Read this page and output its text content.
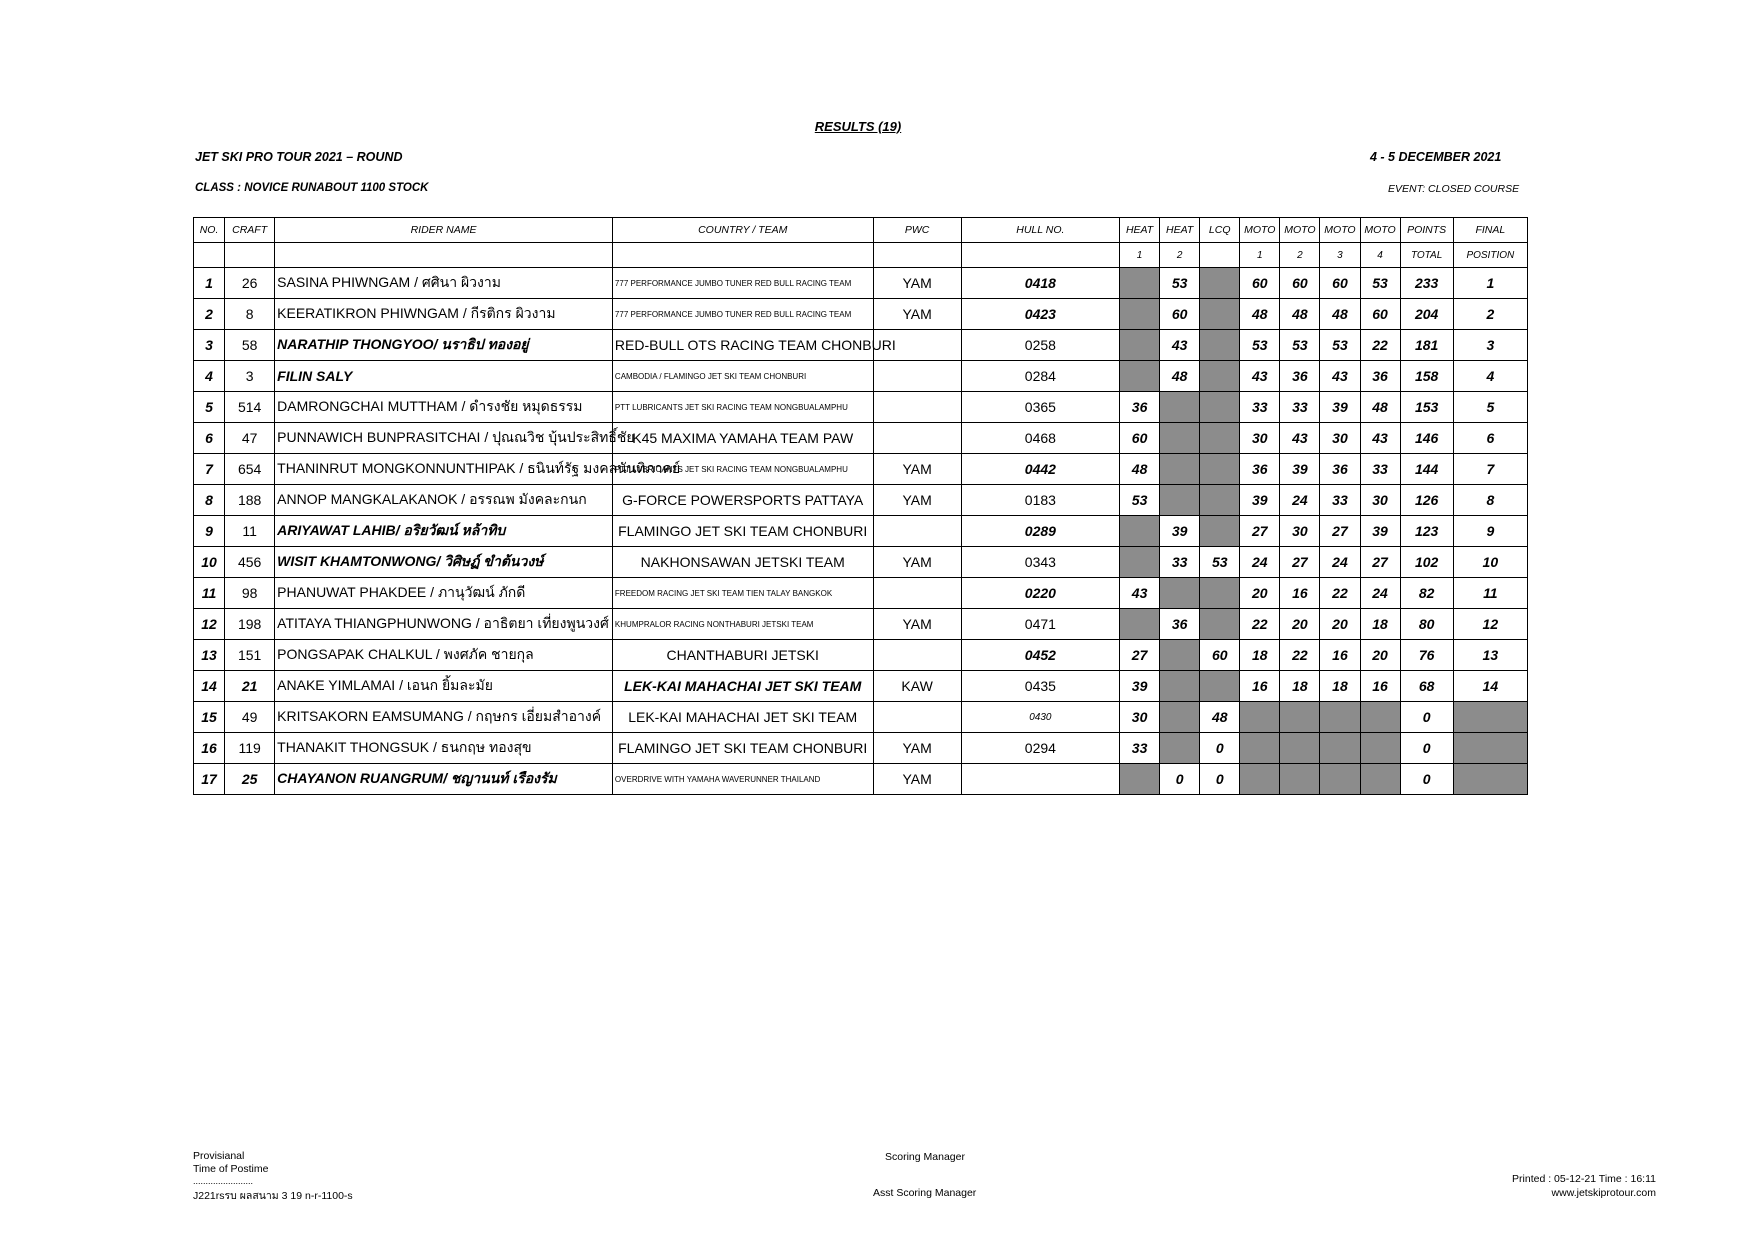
RESULTS (19)
JET SKI PRO TOUR 2021 – ROUND	4 - 5 DECEMBER 2021
CLASS : NOVICE RUNABOUT 1100 STOCK	EVENT: CLOSED COURSE
NO.	CRAFT	RIDER NAME	COUNTRY / TEAM	PWC	HULL NO.	HEAT	HEAT	LCQ	MOTO	MOTO	MOTO	MOTO	POINTS	FINAL
						1	2		1	2	3	4	TOTAL	POSITION
1	26	SASINA PHIWNGAM / ศศินา ผิวงาม	777 PERFORMANCE JUMBO TUNER RED BULL RACING TEAM	YAM	0418		53		60	60	60	53	233	1
2	8	KEERATIKRON PHIWNGAM / กีรติกร ผิวงาม	777 PERFORMANCE JUMBO TUNER RED BULL RACING TEAM	YAM	0423		60		48	48	48	60	204	2
3	58	NARATHIP THONGYOO/ นราธิป ทองอยู่	RED-BULL OTS RACING TEAM CHONBURI		0258		43		53	53	53	22	181	3
4	3	FILIN SALY	CAMBODIA / FLAMINGO JET SKI TEAM CHONBURI		0284		48		43	36	43	36	158	4
5	514	DAMRONGCHAI MUTTHAM / ดำรงชัย หมุดธรรม	PTT LUBRICANTS JET SKI RACING TEAM NONGBUALAMPHU		0365	36			33	33	39	48	153	5
6	47	PUNNAWICH BUNPRASITCHAI / ปุณณวิช บุ้นประสิทธิ์ชัย	K45 MAXIMA YAMAHA TEAM PAW		0468	60			30	43	30	43	146	6
7	654	THANINRUT MONGKONNUNTHIPAK / ธนินท์รัฐ มงคลนันทิภาคย์	PTT LUBRICANTS JET SKI RACING TEAM NONGBUALAMPHU	YAM	0442	48			36	39	36	33	144	7
8	188	ANNOP MANGKALAKANOK / อรรณพ มังคละกนก	G-FORCE POWERSPORTS PATTAYA	YAM	0183	53			39	24	33	30	126	8
9	11	ARIYAWAT LAHIB/ อริยวัฒน์ หล้าทิบ	FLAMINGO JET SKI TEAM CHONBURI		0289		39		27	30	27	39	123	9
10	456	WISIT KHAMTONWONG/ วิศิษฏ์ ขำต้นวงษ์	NAKHONSAWAN JETSKI TEAM	YAM	0343		33	53	24	27	24	27	102	10
11	98	PHANUWAT PHAKDEE / ภานุวัฒน์ ภักดี	FREEDOM RACING JET SKI TEAM TIEN TALAY BANGKOK		0220	43			20	16	22	24	82	11
12	198	ATITAYA THIANGPHUNWONG / อาธิตยา เที่ยงพูนวงศ์	KHUMPRALOR RACING NONTHABURI JETSKI TEAM	YAM	0471		36		22	20	20	18	80	12
13	151	PONGSAPAK CHALKUL / พงศภัค ชายกุล	CHANTHABURI JETSKI		0452	27		60	18	22	16	20	76	13
14	21	ANAKE YIMLAMAI / เอนก ยิ้มละมัย	LEK-KAI MAHACHAI JET SKI TEAM	KAW	0435	39			16	18	18	16	68	14
15	49	KRITSAKORN EAMSUMANG / กฤษกร เอี่ยมสำอางค์	LEK-KAI MAHACHAI JET SKI TEAM		0430	30		48					0	
16	119	THANAKIT THONGSUK / ธนกฤษ ทองสุข	FLAMINGO JET SKI TEAM CHONBURI	YAM	0294	33		0					0	
17	25	CHAYANON RUANGRUM/ ชญานนท์ เรืองรัม	OVERDRIVE WITH YAMAHA WAVERUNNER THAILAND	YAM			0	0					0	
Provisianal
Time of Postime
........................
J221rsรบ ผลสนาม 3 19 n-r-1100-s
Scoring Manager
Asst Scoring Manager
Printed : 05-12-21 Time : 16:11
www.jetskiprotour.com
